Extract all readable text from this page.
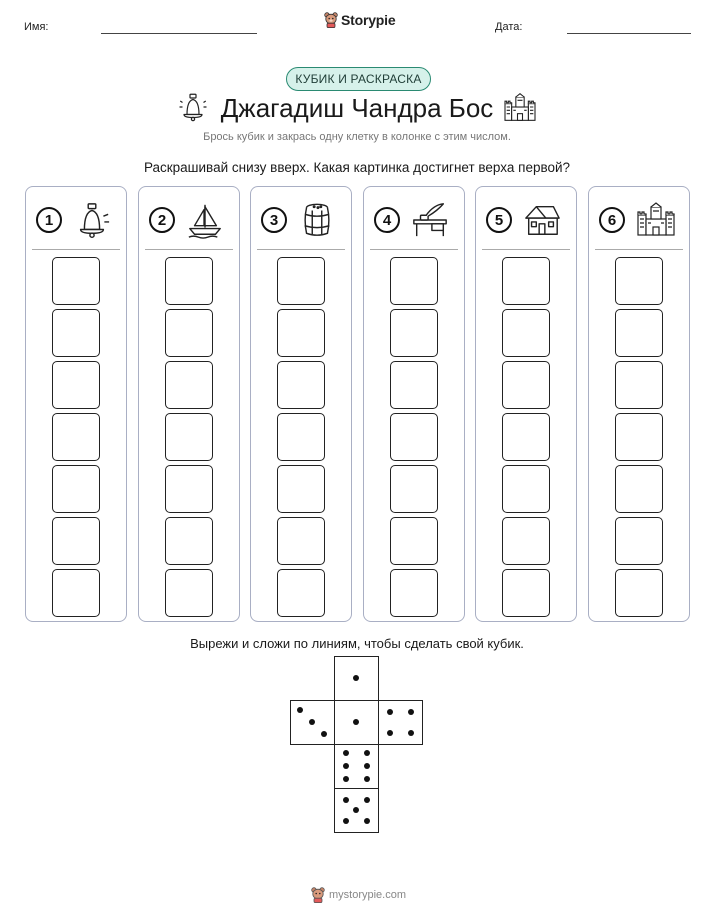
Имя:	Storypie	Дата:
КУБИК И РАСКРАСКА
Джагадиш Чандра Бос
Брось кубик и закрась одну клетку в колонке с этим числом.
Раскрашивай снизу вверх. Какая картинка достигнет верха первой?
1	2	3	4	5	6
Вырежи и сложи по линиям, чтобы сделать свой кубик.
mystorypie.com
